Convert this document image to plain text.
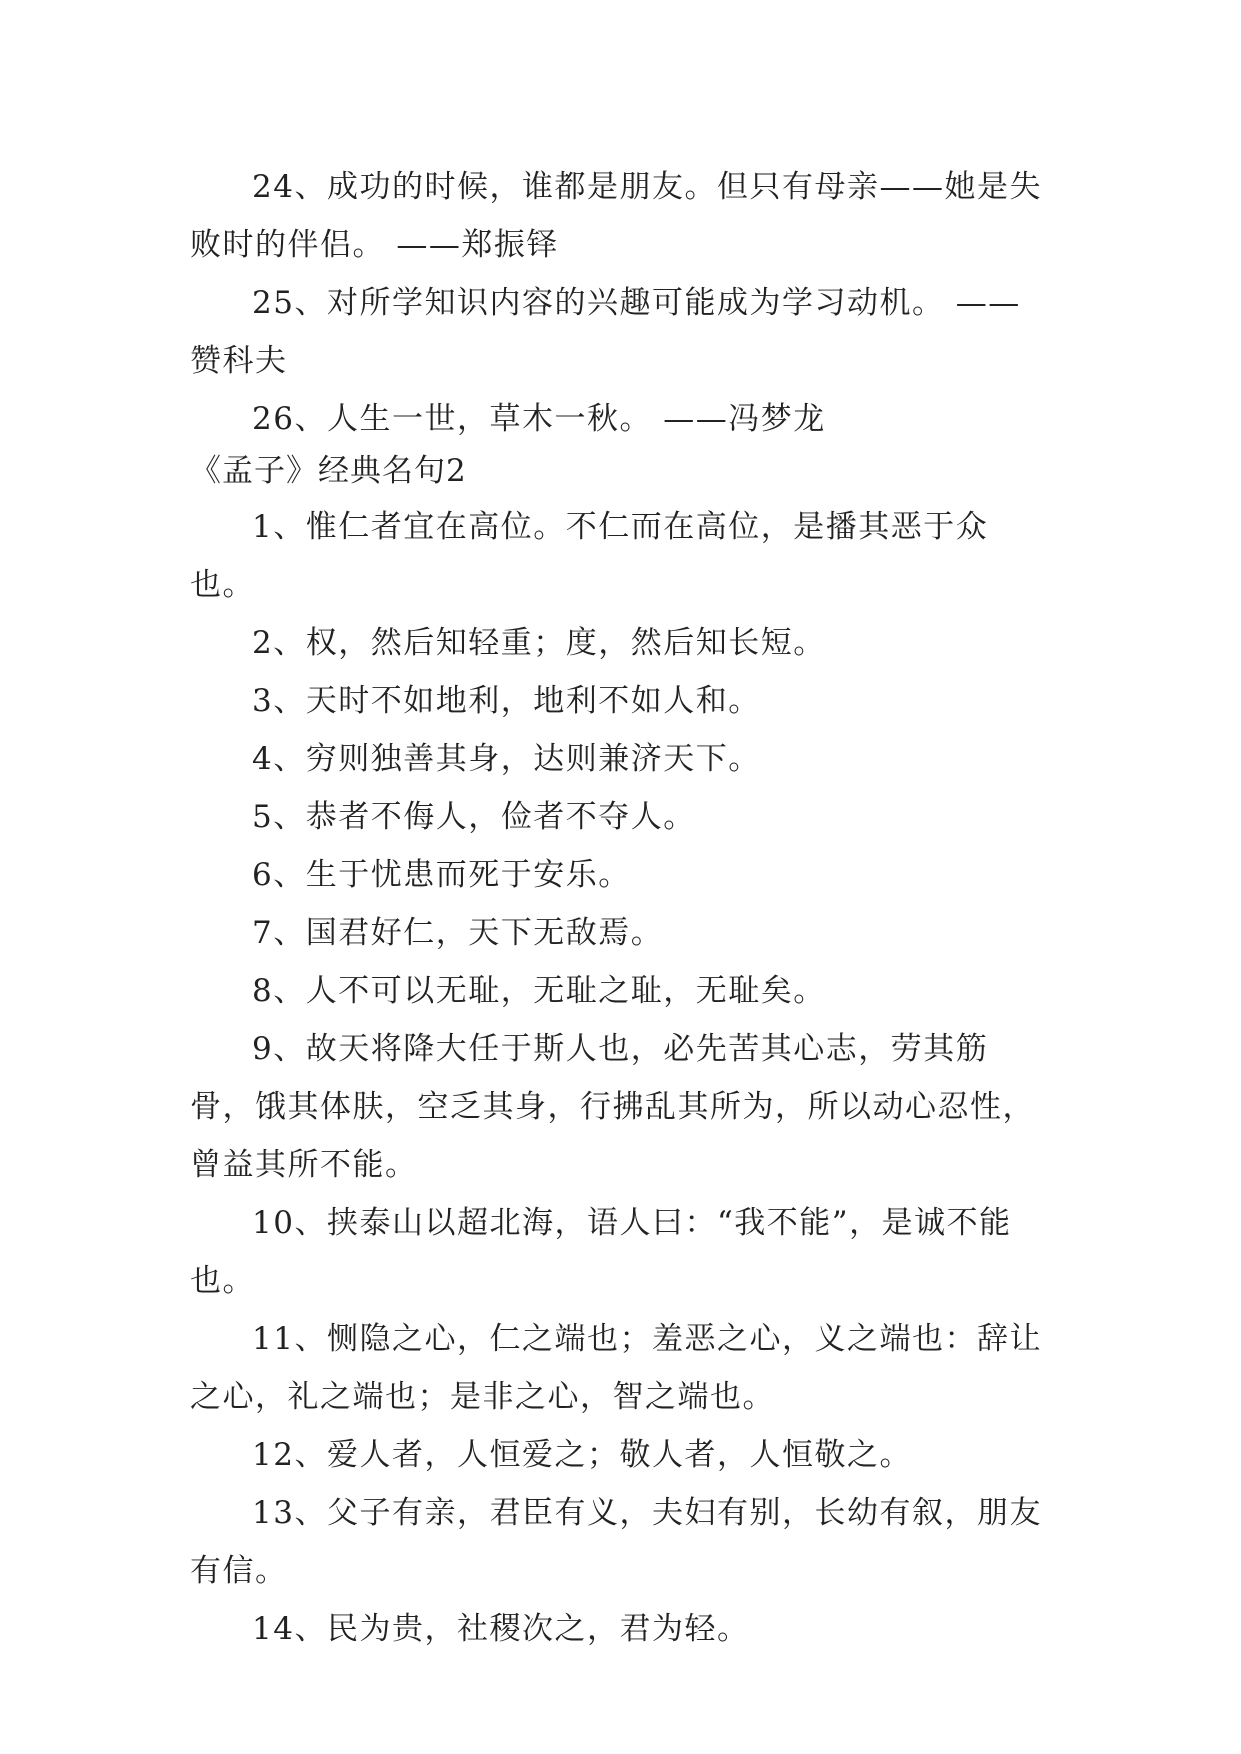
24、成功的时候，谁都是朋友。但只有母亲——她是失败时的伴侣。 ——郑振铎

25、对所学知识内容的兴趣可能成为学习动机。 ——赞科夫

26、人生一世，草木一秋。 ——冯梦龙

《孟子》经典名句2

1、惟仁者宜在高位。不仁而在高位，是播其恶于众也。

2、权，然后知轻重；度，然后知长短。

3、天时不如地利，地利不如人和。

4、穷则独善其身，达则兼济天下。

5、恭者不侮人，俭者不夺人。

6、生于忧患而死于安乐。

7、国君好仁，天下无敌焉。

8、人不可以无耻，无耻之耻，无耻矣。

9、故天将降大任于斯人也，必先苦其心志，劳其筋骨，饿其体肤，空乏其身，行拂乱其所为，所以动心忍性，曾益其所不能。

10、挟泰山以超北海，语人曰：“我不能”，是诚不能也。

11、恻隐之心，仁之端也；羞恶之心，义之端也：辞让之心，礼之端也；是非之心，智之端也。

12、爱人者，人恒爱之；敬人者，人恒敬之。

13、父子有亲，君臣有义，夫妇有别，长幼有叙，朋友有信。

14、民为贵，社稷次之，君为轻。
